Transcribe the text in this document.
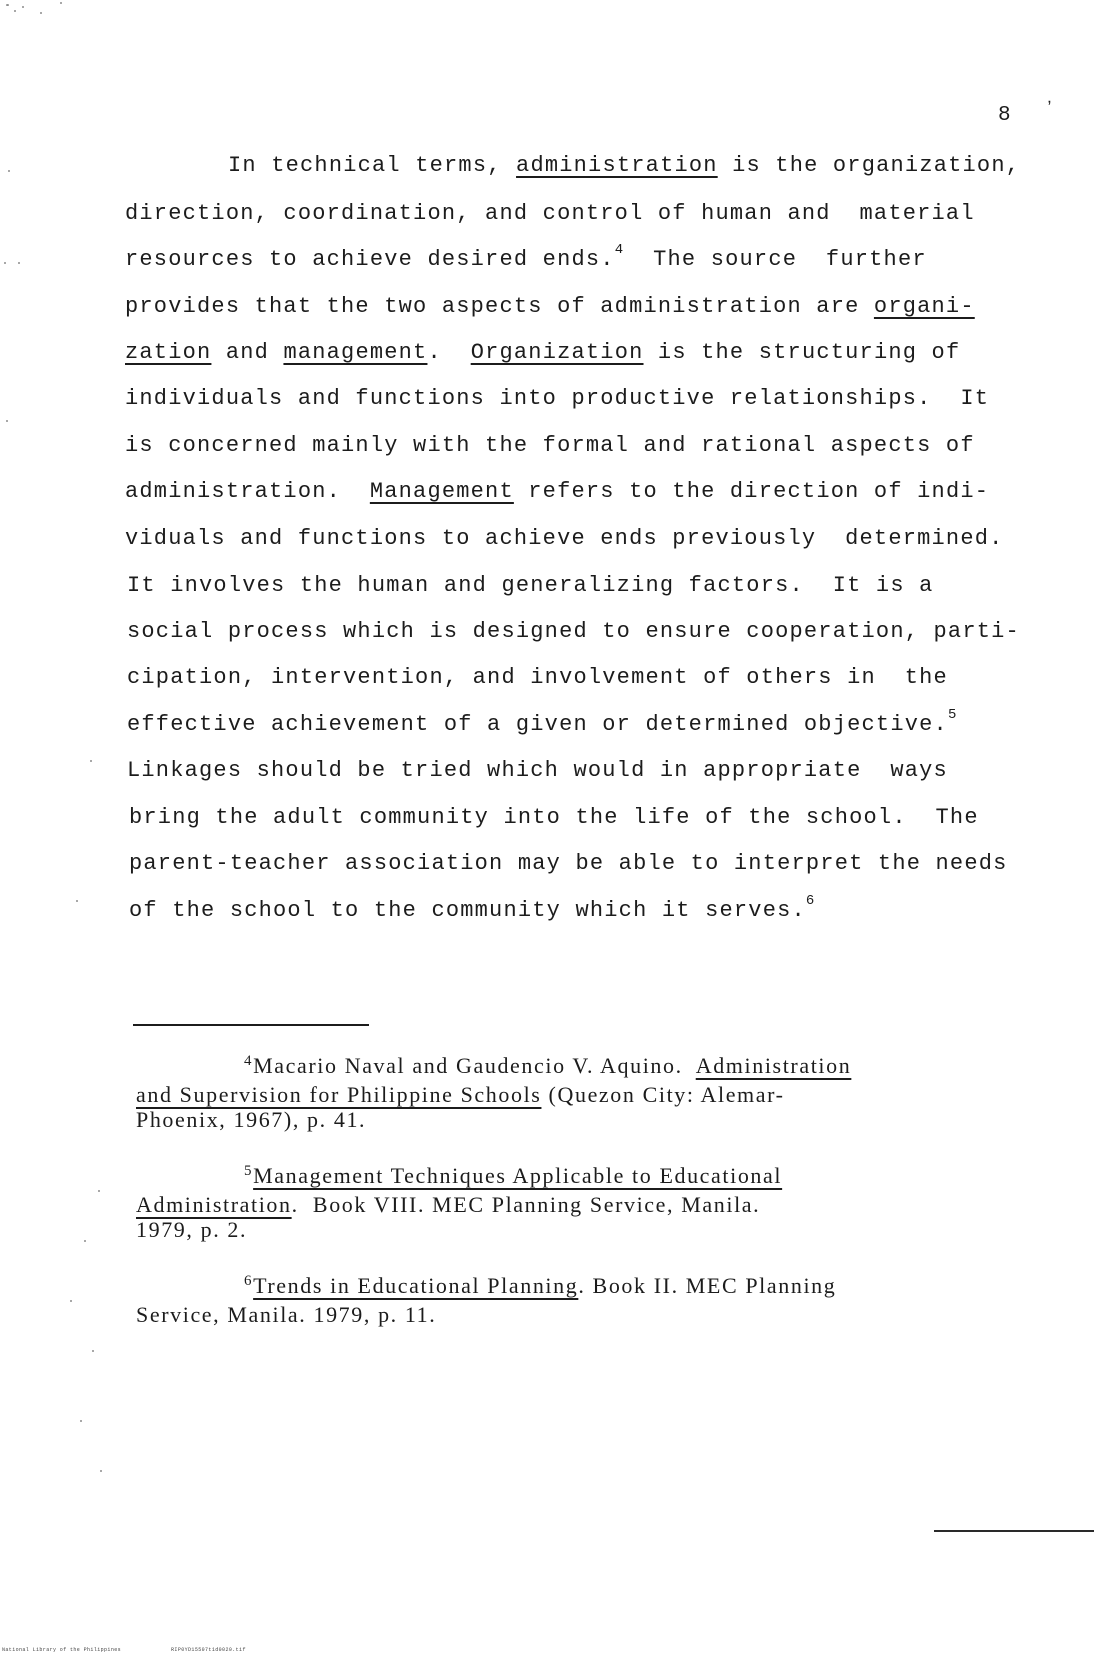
8 ʼ
In technical terms, administration is the organization,
direction, coordination, and control of human and  material
resources to achieve desired ends.$^4$  The source  further
provides that the two aspects of administration are organi-
zation and management.  Organization is the structuring of
individuals and functions into productive relationships.  It
is concerned mainly with the formal and rational aspects of
administration.  Management refers to the direction of indi-
viduals and functions to achieve ends previously  determined.
It involves the human and generalizing factors.  It is a
social process which is designed to ensure cooperation, parti-
cipation, intervention, and involvement of others in  the
effective achievement of a given or determined objective.$^5$
Linkages should be tried which would in appropriate  ways
bring the adult community into the life of the school.  The
parent-teacher association may be able to interpret the needs
of the school to the community which it serves.$^6$
$^4$Macario Naval and Gaudencio V. Aquino.  Administration
and Supervision for Philippine Schools (Quezon City: Alemar-
Phoenix, 1967), p. 41.
$^5$Management Techniques Applicable to Educational
Administration.  Book VIII. MEC Planning Service, Manila.
1979, p. 2.
$^6$Trends in Educational Planning. Book II. MEC Planning
Service, Manila. 1979, p. 11.
National Library of the Philippines	RIP0YD15507t1d0020.tif
